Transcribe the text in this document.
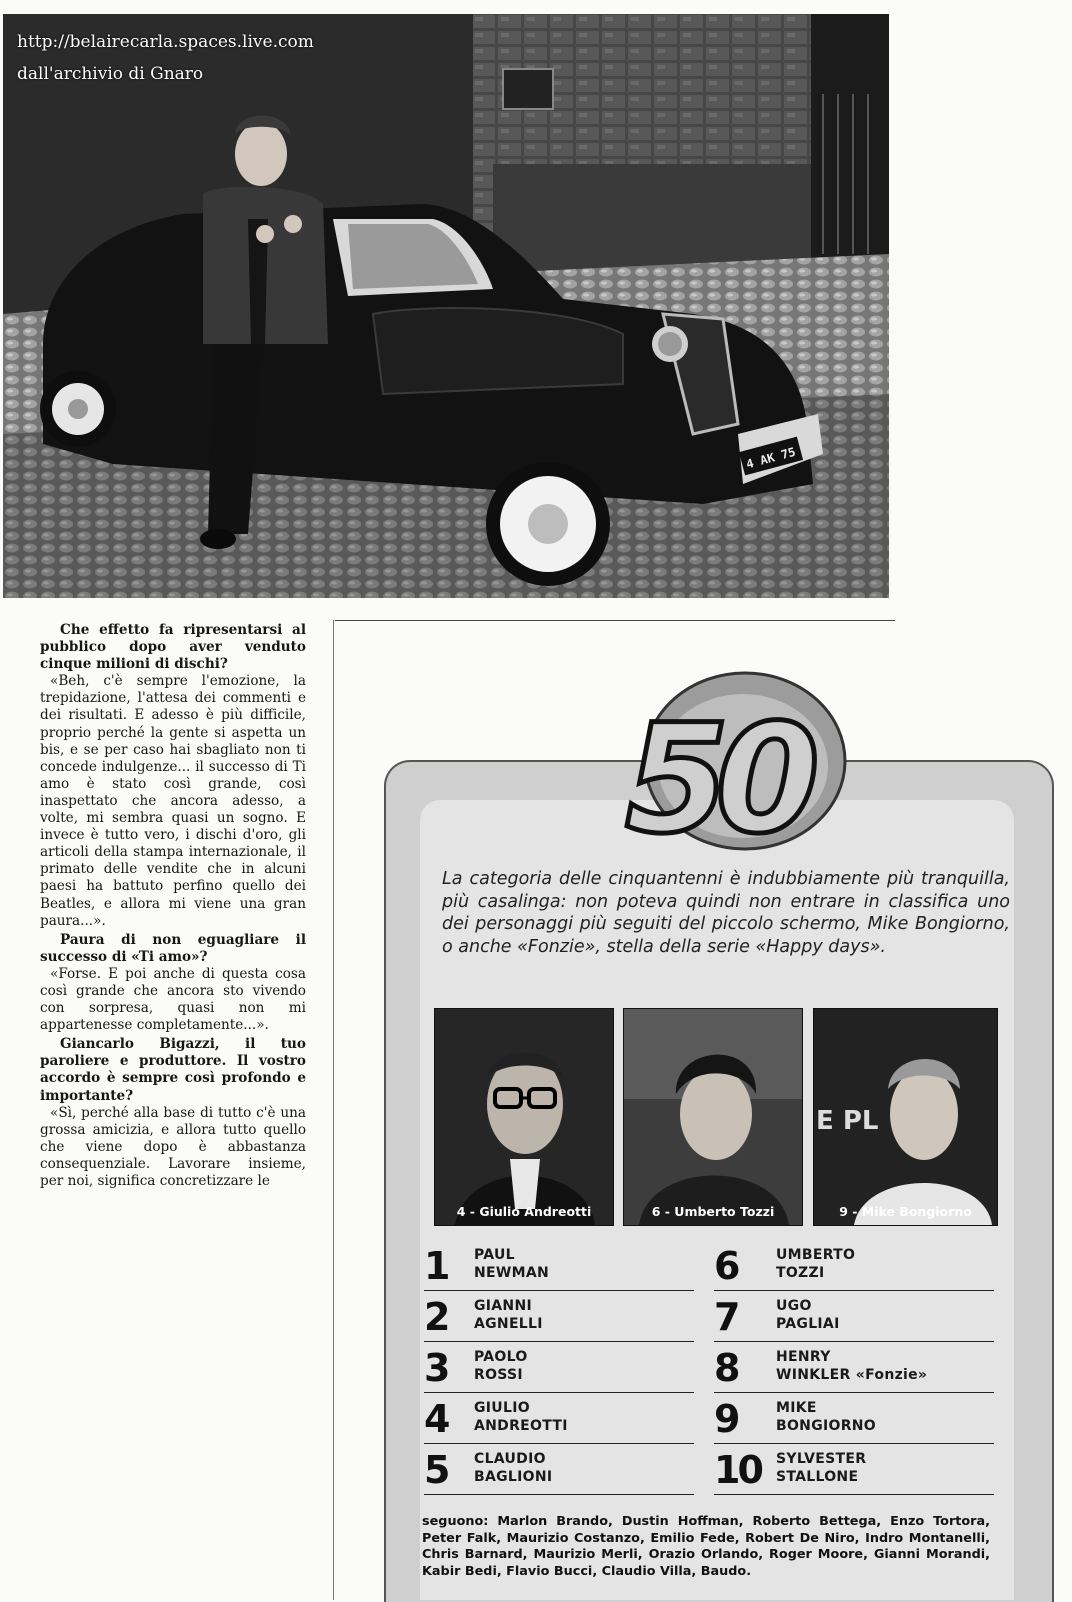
4 AK 75
http://belairecarla.spaces.live.com
dall'archivio di Gnaro

Che effetto fa ripresentarsi al pubblico dopo aver venduto cinque milioni di dischi?

«Beh, c'è sempre l'emozione, la trepidazione, l'attesa dei commenti e dei risultati. E adesso è più difficile, proprio perché la gente si aspetta un bis, e se per caso hai sbagliato non ti concede indulgenze... il successo di Ti amo è stato così grande, così inaspettato che ancora adesso, a volte, mi sembra quasi un sogno. E invece è tutto vero, i dischi d'oro, gli articoli della stampa internazionale, il primato delle vendite che in alcuni paesi ha battuto perfino quello dei Beatles, e allora mi viene una gran paura...».

Paura di non eguagliare il successo di «Ti amo»?

«Forse. E poi anche di questa cosa così grande che ancora sto vivendo con sorpresa, quasi non mi appartenesse completamente...».

Giancarlo Bigazzi, il tuo paroliere e produttore. Il vostro accordo è sempre così profondo e importante?

«Sì, perché alla base di tutto c'è una grossa amicizia, e allora tutto quello che viene dopo è abbastanza consequenziale. Lavorare insieme, per noi, significa concretizzare le

50
La categoria delle cinquantenni è indubbiamente più tranquilla, più casalinga: non poteva quindi non entrare in classifica uno dei personaggi più seguiti del piccolo schermo, Mike Bongiorno, o anche «Fonzie», stella della serie «Happy days».
4 - Giulio Andreotti	6 - Umberto Tozzi
E PL
9 - Mike Bongiorno
1 PAUL
NEWMAN
2 GIANNI
AGNELLI
3 PAOLO
ROSSI
4 GIULIO
ANDREOTTI
5 CLAUDIO
BAGLIONI
6	UMBERTO
TOZZI
7	UGO
PAGLIAI
8	HENRY
WINKLER «Fonzie»
9	MIKE
BONGIORNO
10 SYLVESTER
STALLONE
seguono: Marlon Brando, Dustin Hoffman, Roberto Bettega, Enzo Tortora, Peter Falk, Maurizio Costanzo, Emilio Fede, Robert De Niro, Indro Montanelli, Chris Barnard, Maurizio Merli, Orazio Orlando, Roger Moore, Gianni Morandi, Kabir Bedi, Flavio Bucci, Claudio Villa, Baudo.
